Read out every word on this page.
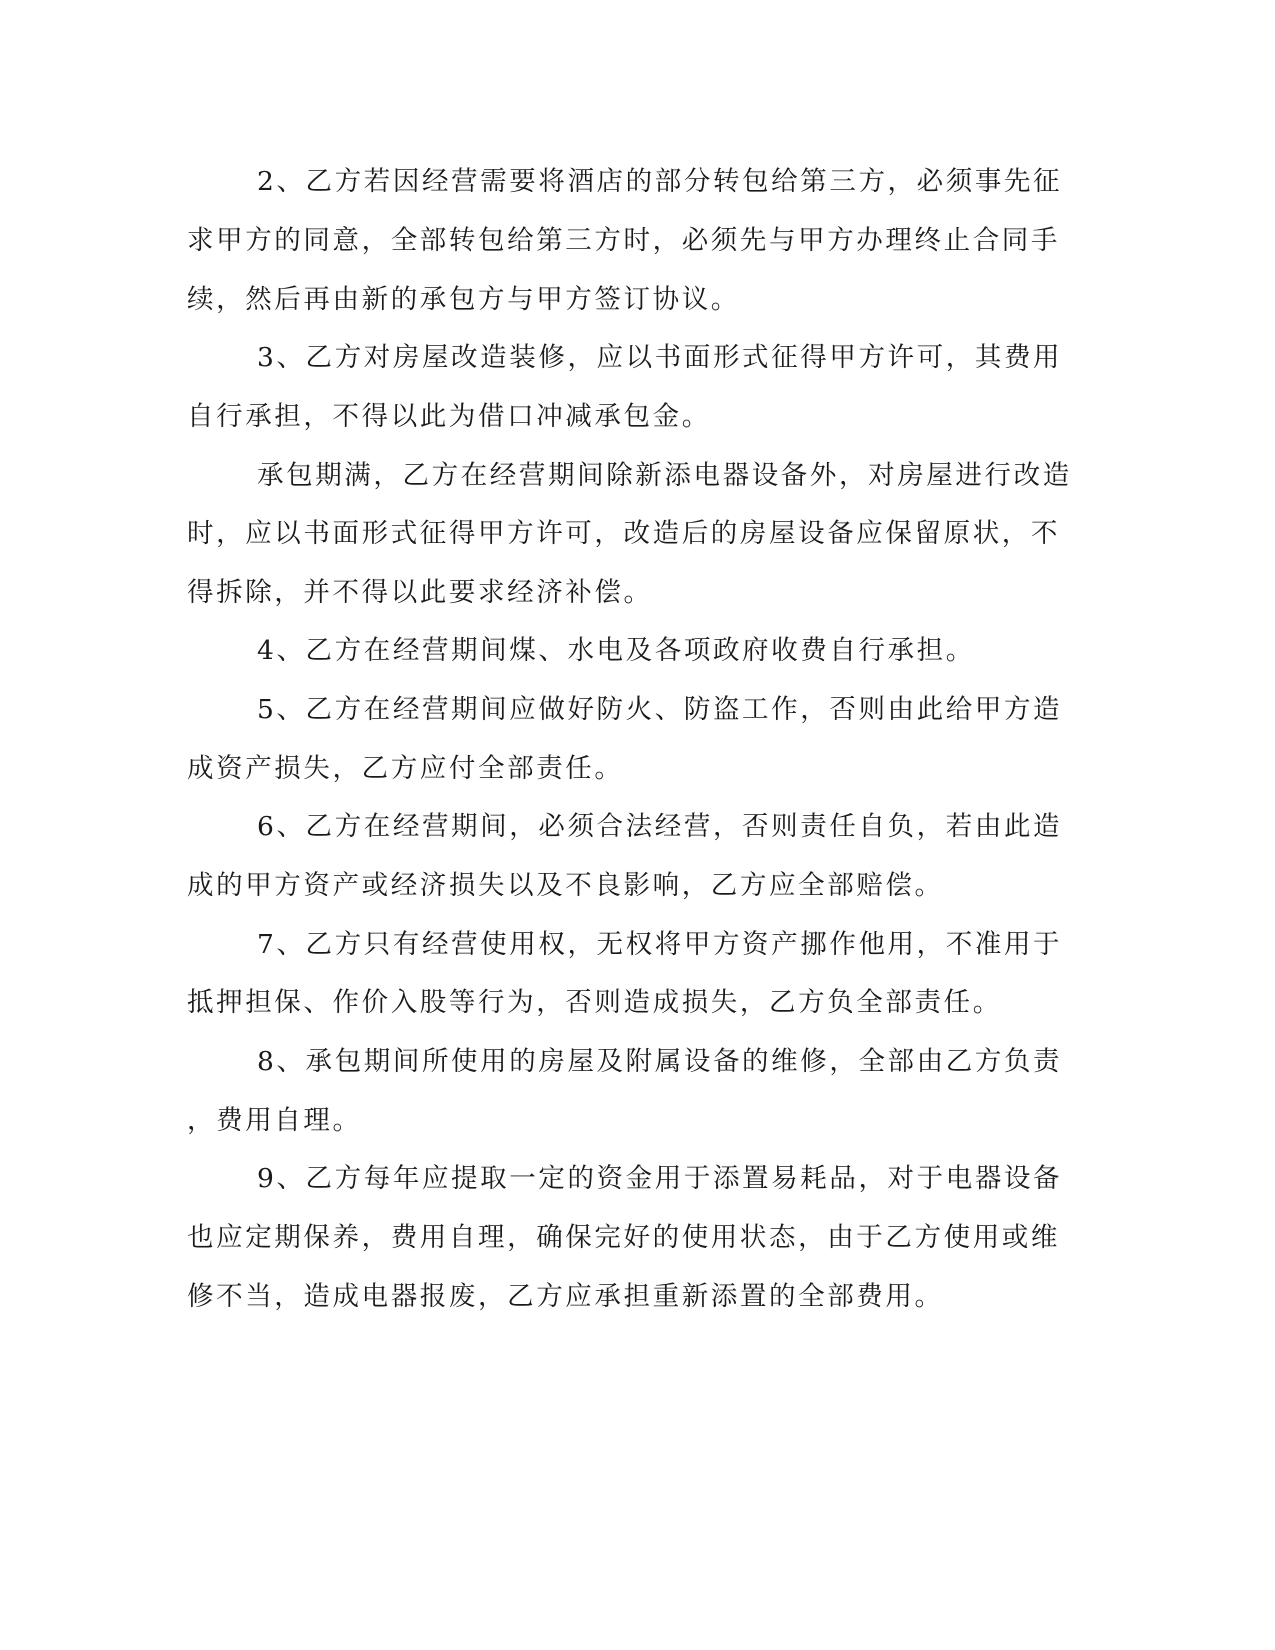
2、乙方若因经营需要将酒店的部分转包给第三方，必须事先征
求甲方的同意，全部转包给第三方时，必须先与甲方办理终止合同手
续，然后再由新的承包方与甲方签订协议。
3、乙方对房屋改造装修，应以书面形式征得甲方许可，其费用
自行承担，不得以此为借口冲减承包金。
承包期满，乙方在经营期间除新添电器设备外，对房屋进行改造
时，应以书面形式征得甲方许可，改造后的房屋设备应保留原状，不
得拆除，并不得以此要求经济补偿。
4、乙方在经营期间煤、水电及各项政府收费自行承担。
5、乙方在经营期间应做好防火、防盗工作，否则由此给甲方造
成资产损失，乙方应付全部责任。
6、乙方在经营期间，必须合法经营，否则责任自负，若由此造
成的甲方资产或经济损失以及不良影响，乙方应全部赔偿。
7、乙方只有经营使用权，无权将甲方资产挪作他用，不准用于
抵押担保、作价入股等行为，否则造成损失，乙方负全部责任。
8、承包期间所使用的房屋及附属设备的维修，全部由乙方负责
，费用自理。
9、乙方每年应提取一定的资金用于添置易耗品，对于电器设备
也应定期保养，费用自理，确保完好的使用状态，由于乙方使用或维
修不当，造成电器报废，乙方应承担重新添置的全部费用。
